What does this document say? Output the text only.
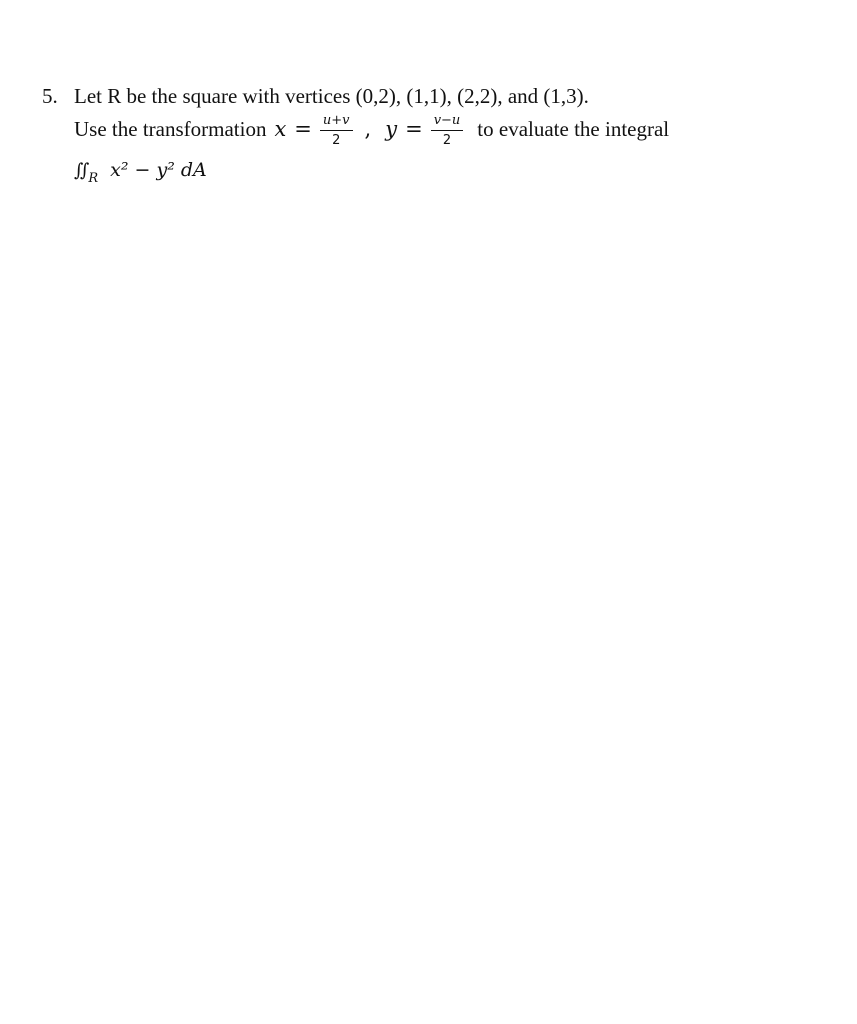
5. Let R be the square with vertices (0,2), (1,1), (2,2), and (1,3).
Use the transformation $x = \frac{u+v}{2}$ , $y = \frac{v-u}{2}$ to evaluate the integral
∬ R x² − y² dA
